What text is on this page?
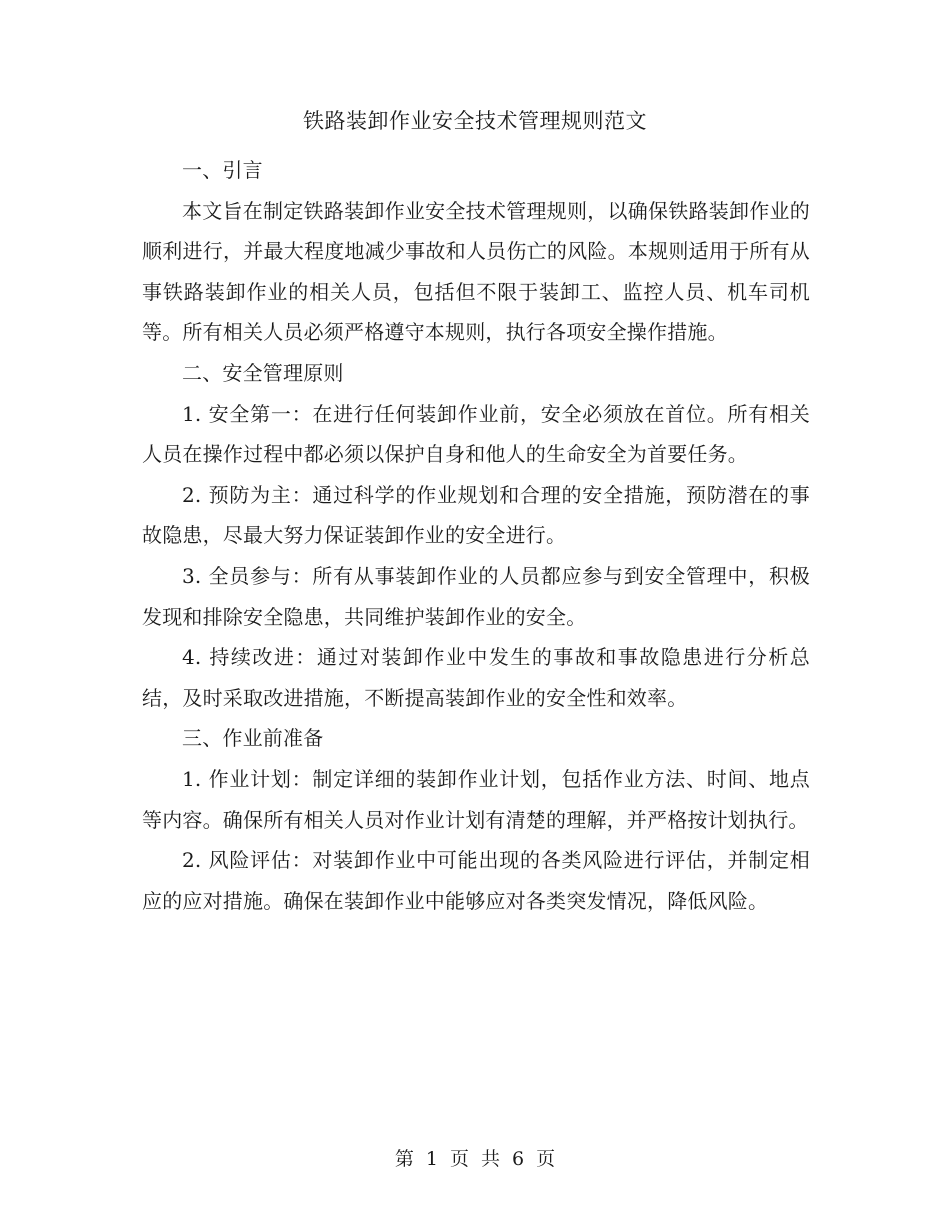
铁路装卸作业安全技术管理规则范文

一、引言

本文旨在制定铁路装卸作业安全技术管理规则，以确保铁路装卸作业的顺利进行，并最大程度地减少事故和人员伤亡的风险。本规则适用于所有从事铁路装卸作业的相关人员，包括但不限于装卸工、监控人员、机车司机等。所有相关人员必须严格遵守本规则，执行各项安全操作措施。

二、安全管理原则

1. 安全第一：在进行任何装卸作业前，安全必须放在首位。所有相关人员在操作过程中都必须以保护自身和他人的生命安全为首要任务。

2. 预防为主：通过科学的作业规划和合理的安全措施，预防潜在的事故隐患，尽最大努力保证装卸作业的安全进行。

3. 全员参与：所有从事装卸作业的人员都应参与到安全管理中，积极发现和排除安全隐患，共同维护装卸作业的安全。

4. 持续改进：通过对装卸作业中发生的事故和事故隐患进行分析总结，及时采取改进措施，不断提高装卸作业的安全性和效率。

三、作业前准备

1. 作业计划：制定详细的装卸作业计划，包括作业方法、时间、地点等内容。确保所有相关人员对作业计划有清楚的理解，并严格按计划执行。

2. 风险评估：对装卸作业中可能出现的各类风险进行评估，并制定相应的应对措施。确保在装卸作业中能够应对各类突发情况，降低风险。

第 1 页 共 6 页
